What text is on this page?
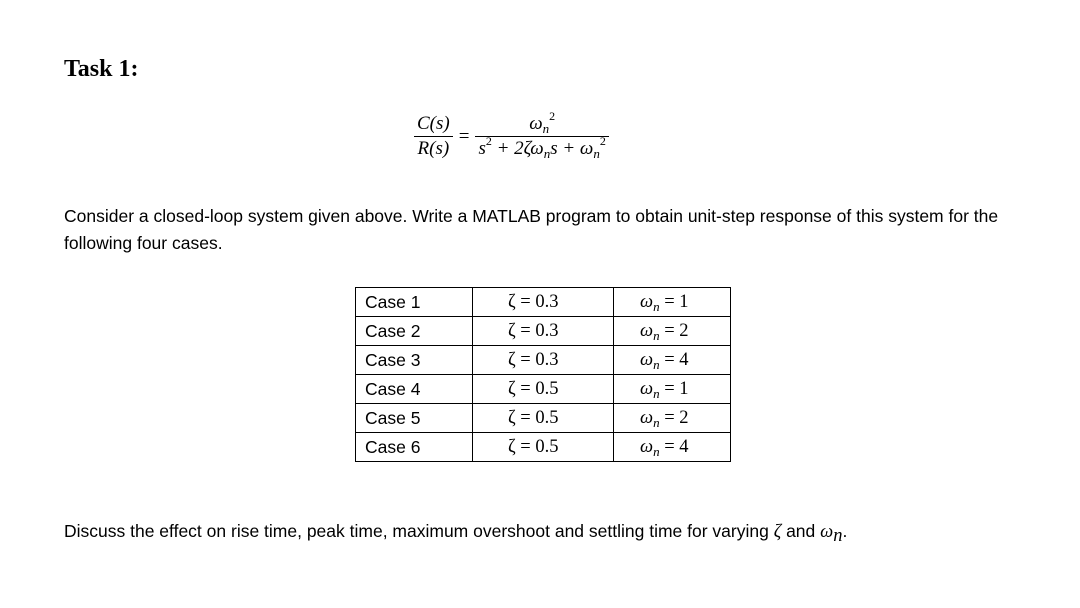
Task 1:
$\frac{C(s)}{R(s)} = \frac{\omega_n^2}{s^2 + 2\zeta\omega_ns + \omega_n^2}$

Consider a closed-loop system given above. Write a MATLAB program to obtain unit-step response of this system for the following four cases.

Case 1	ζ = 0.3	$\omega_n = 1$
Case 2	ζ = 0.3	$\omega_n = 2$
Case 3	ζ = 0.3	$\omega_n = 4$
Case 4	ζ = 0.5	$\omega_n = 1$
Case 5	ζ = 0.5	$\omega_n = 2$
Case 6	ζ = 0.5	$\omega_n = 4$

Discuss the effect on rise time, peak time, maximum overshoot and settling time for varying ζ and $\omega_n$.
